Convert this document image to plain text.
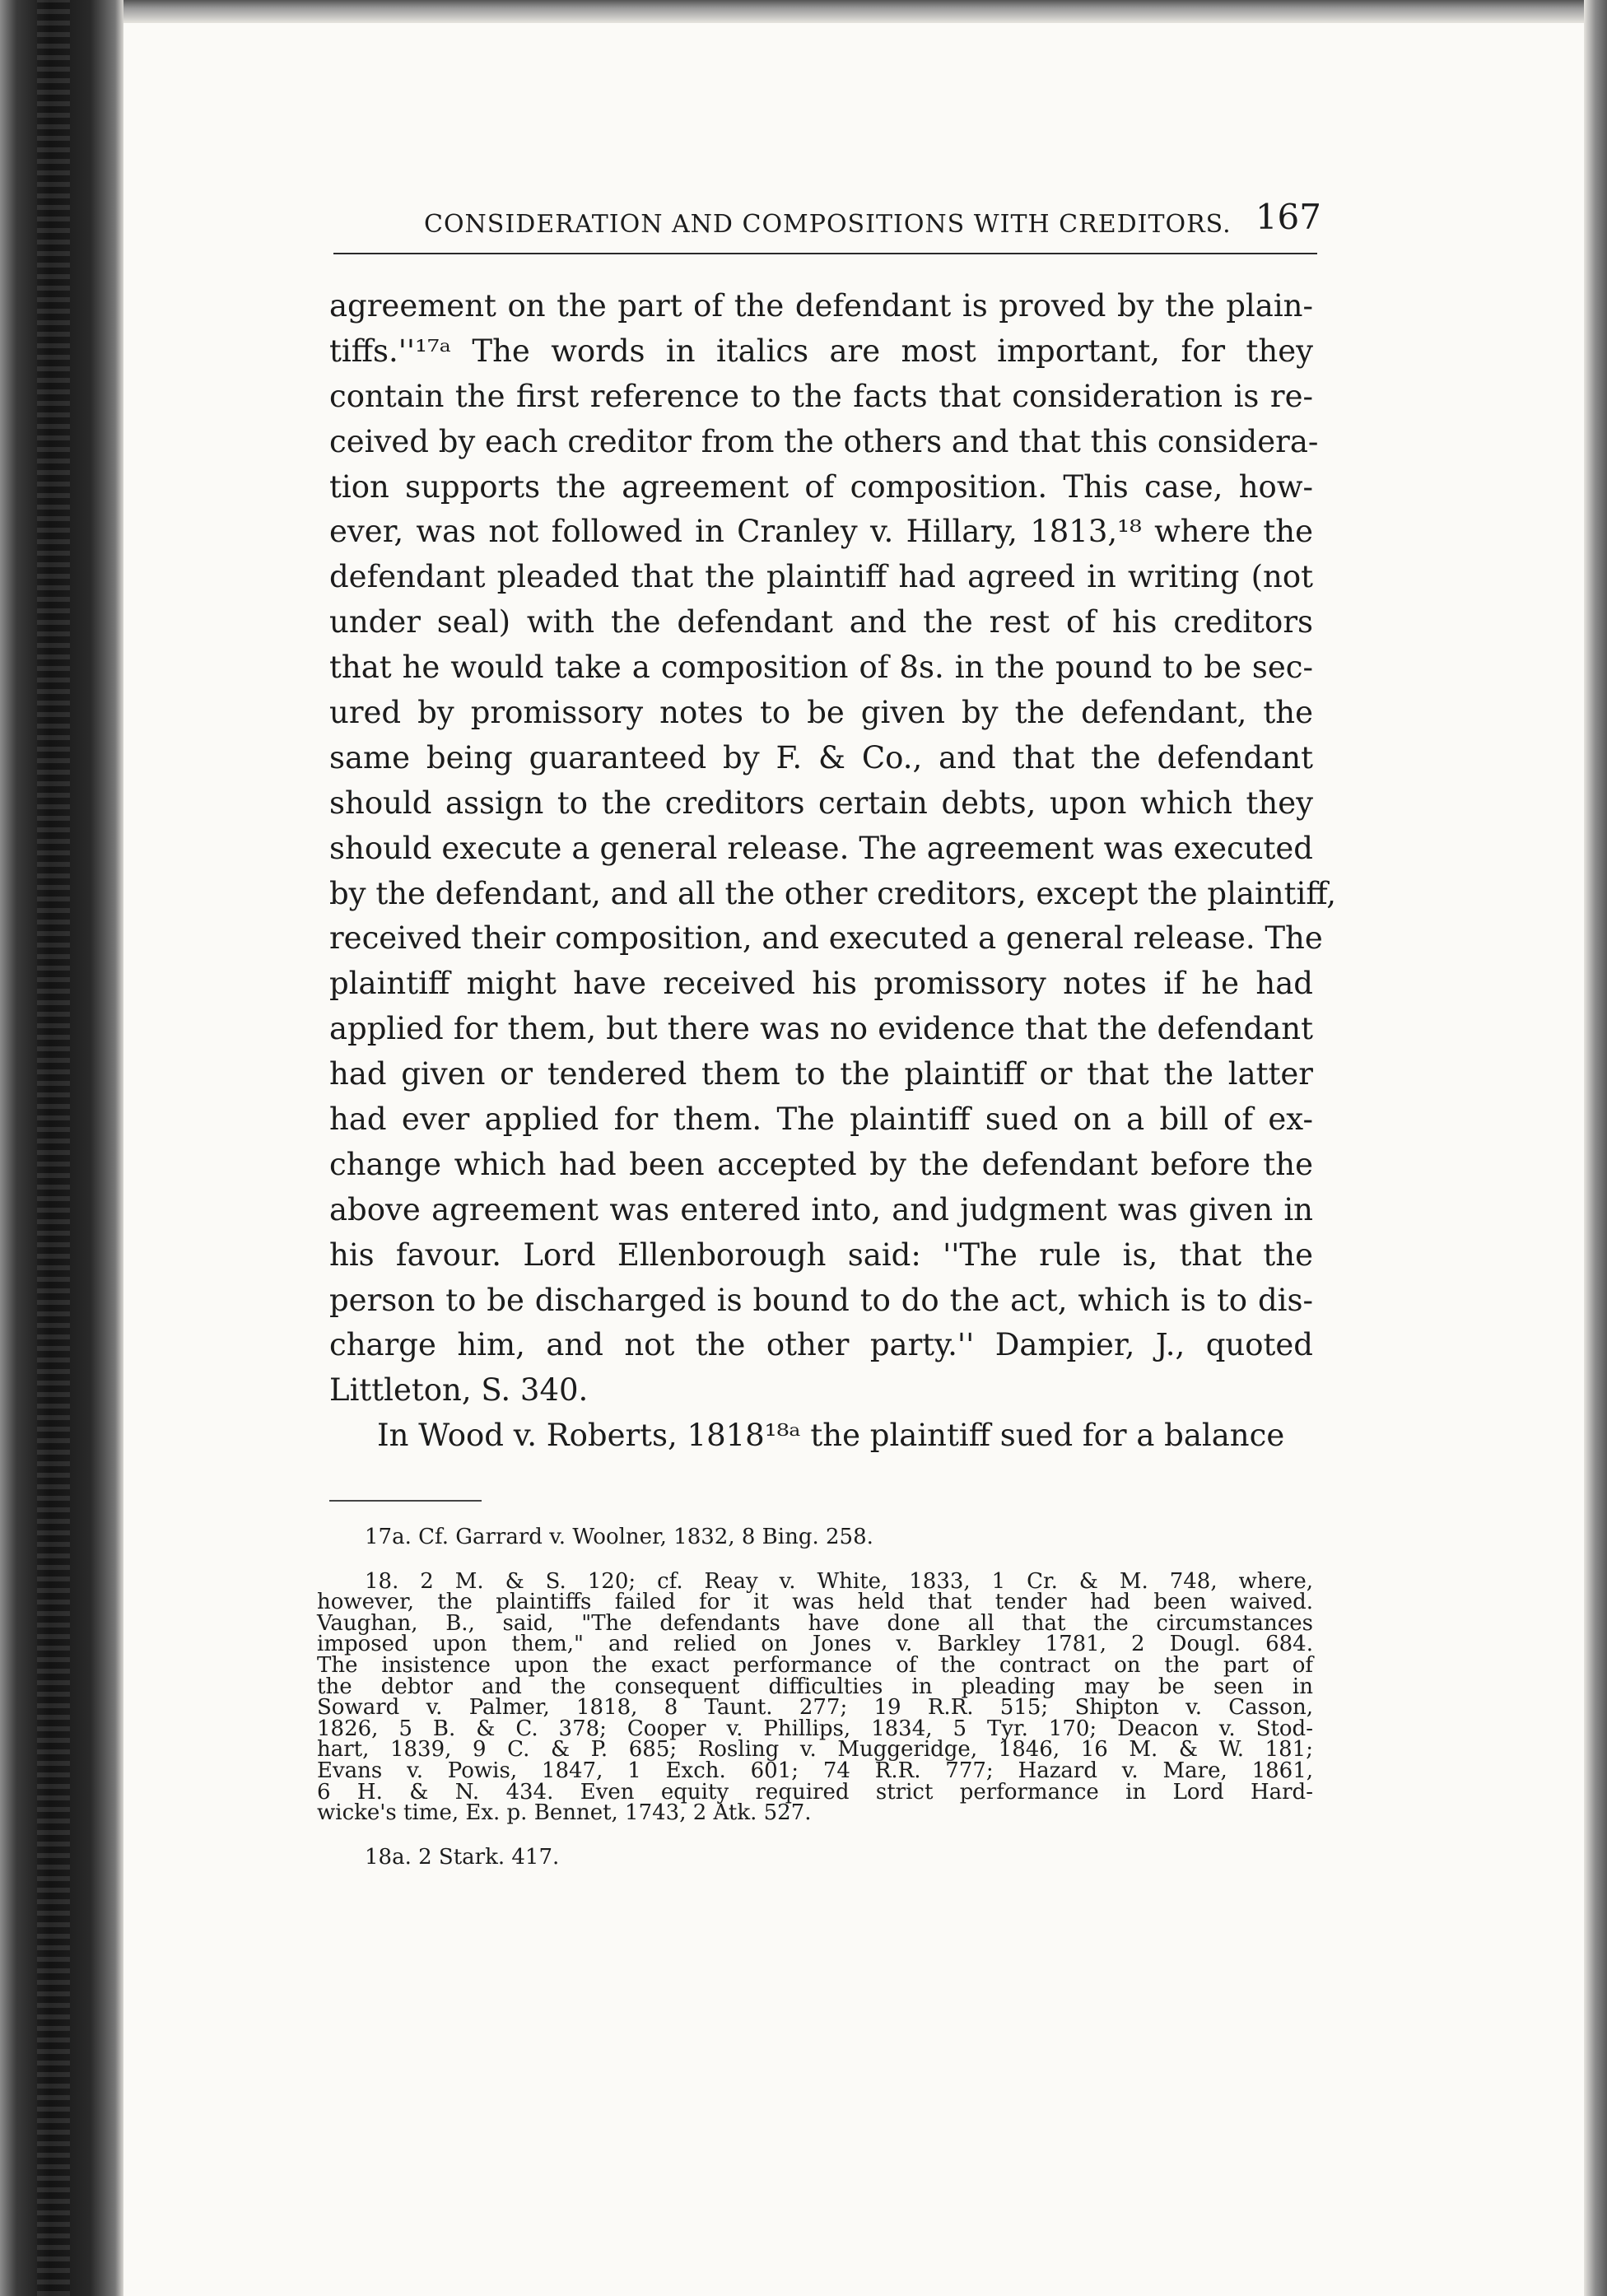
CONSIDERATION AND COMPOSITIONS WITH CREDITORS. 167
agreement on the part of the defendant is proved by the plain-
tiffs.''¹⁷ᵃ The words in italics are most important, for they
contain the first reference to the facts that consideration is re-
ceived by each creditor from the others and that this considera-
tion supports the agreement of composition. This case, how-
ever, was not followed in Cranley v. Hillary, 1813,¹⁸ where the
defendant pleaded that the plaintiff had agreed in writing (not
under seal) with the defendant and the rest of his creditors
that he would take a composition of 8s. in the pound to be sec-
ured by promissory notes to be given by the defendant, the
same being guaranteed by F. & Co., and that the defendant
should assign to the creditors certain debts, upon which they
should execute a general release. The agreement was executed
by the defendant, and all the other creditors, except the plaintiff,
received their composition, and executed a general release. The
plaintiff might have received his promissory notes if he had
applied for them, but there was no evidence that the defendant
had given or tendered them to the plaintiff or that the latter
had ever applied for them. The plaintiff sued on a bill of ex-
change which had been accepted by the defendant before the
above agreement was entered into, and judgment was given in
his favour. Lord Ellenborough said: ''The rule is, that the
person to be discharged is bound to do the act, which is to dis-
charge him, and not the other party.'' Dampier, J., quoted
Littleton, S. 340.
In Wood v. Roberts, 1818¹⁸ᵃ the plaintiff sued for a balance
17a. Cf. Garrard v. Woolner, 1832, 8 Bing. 258.
18. 2 M. & S. 120; cf. Reay v. White, 1833, 1 Cr. & M. 748, where,
however, the plaintiffs failed for it was held that tender had been waived.
Vaughan, B., said, "The defendants have done all that the circumstances
imposed upon them," and relied on Jones v. Barkley 1781, 2 Dougl. 684.
The insistence upon the exact performance of the contract on the part of
the debtor and the consequent difficulties in pleading may be seen in
Soward v. Palmer, 1818, 8 Taunt. 277; 19 R.R. 515; Shipton v. Casson,
1826, 5 B. & C. 378; Cooper v. Phillips, 1834, 5 Tyr. 170; Deacon v. Stod-
hart, 1839, 9 C. & P. 685; Rosling v. Muggeridge, 1846, 16 M. & W. 181;
Evans v. Powis, 1847, 1 Exch. 601; 74 R.R. 777; Hazard v. Mare, 1861,
6 H. & N. 434. Even equity required strict performance in Lord Hard-
wicke's time, Ex. p. Bennet, 1743, 2 Atk. 527.
18a. 2 Stark. 417.
